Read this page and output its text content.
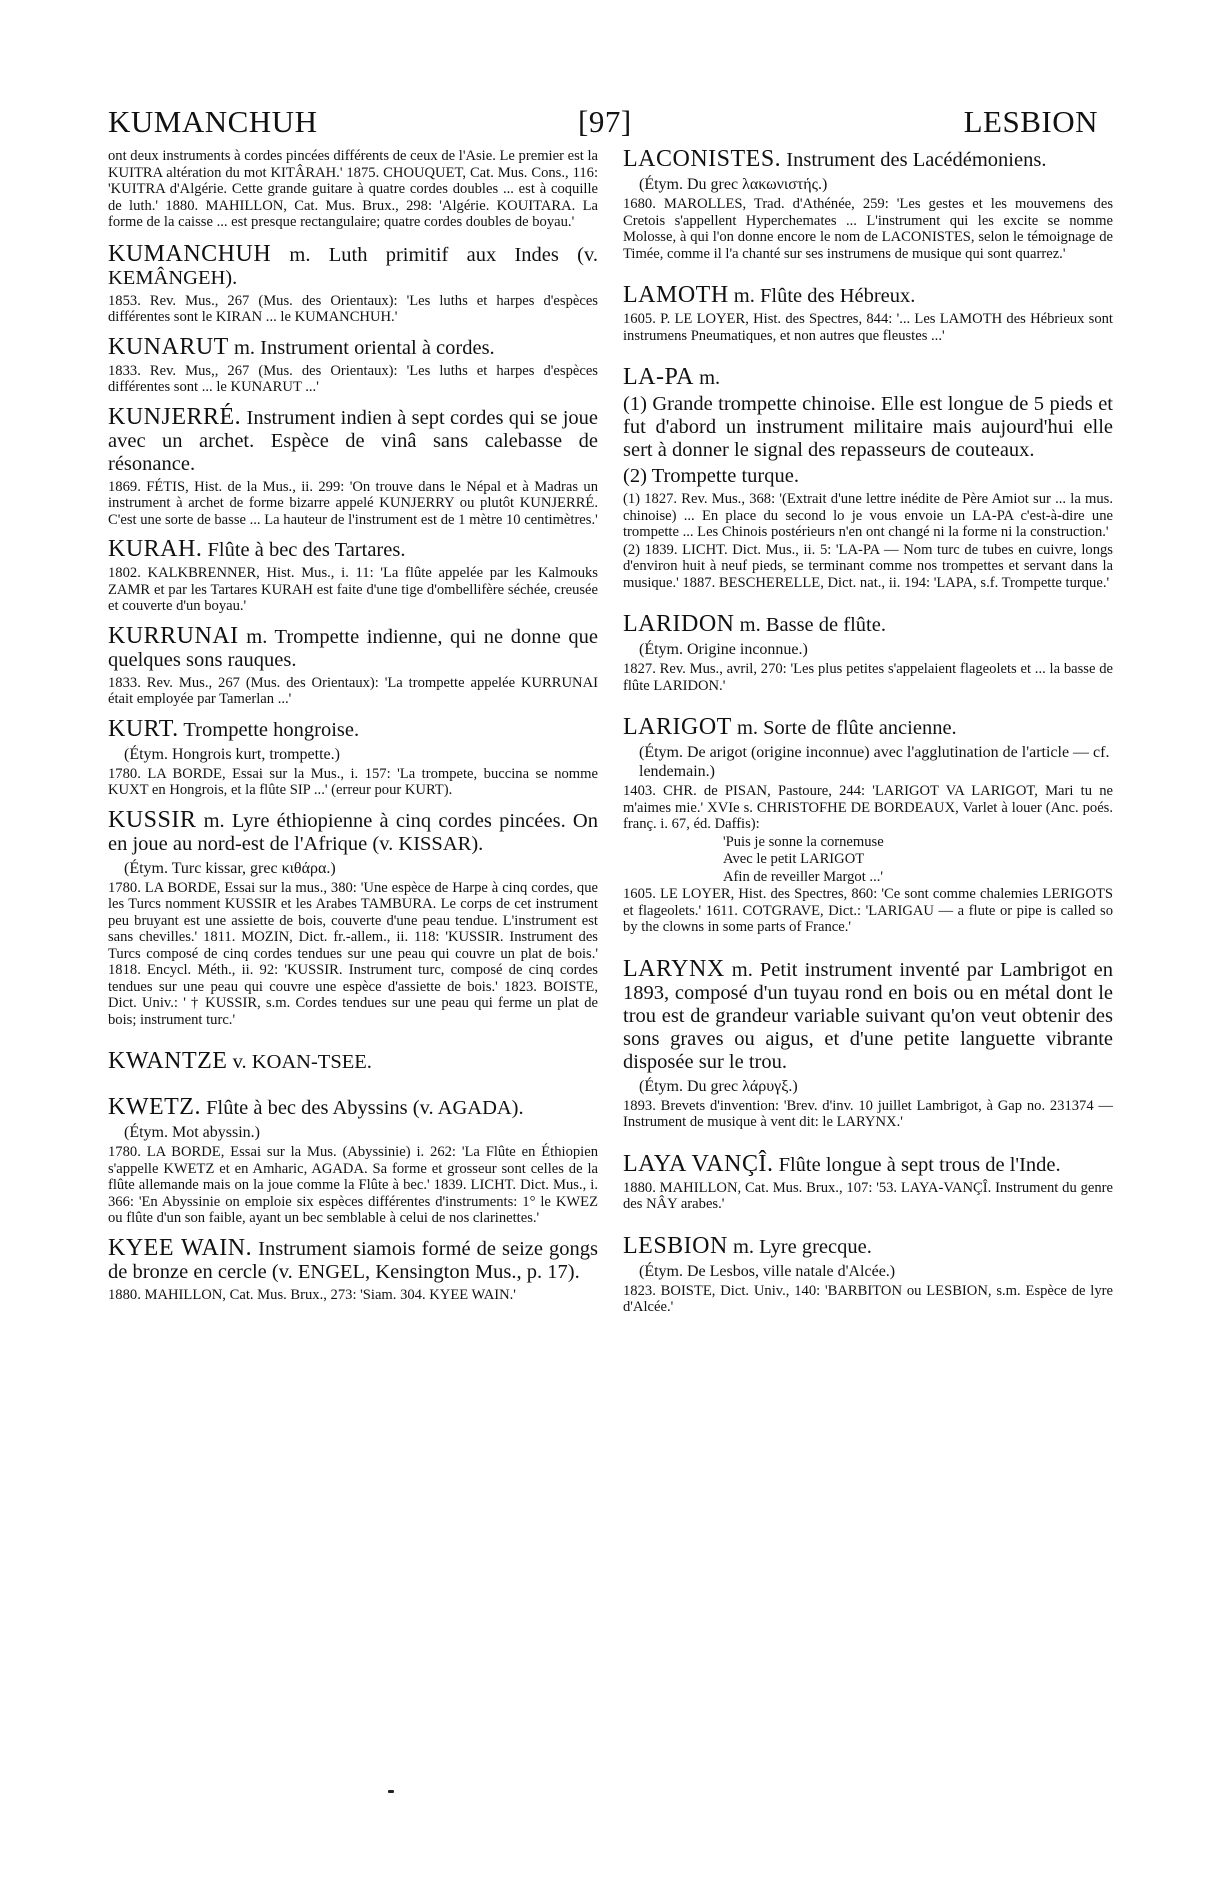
KUMANCHUH	[97]	LESBION

ont deux instruments à cordes pincées différents de ceux de l'Asie. Le premier est la KUITRA altération du mot KITÂRAH.' 1875. CHOUQUET, Cat. Mus. Cons., 116: 'KUITRA d'Algérie. Cette grande guitare à quatre cordes doubles ... est à coquille de luth.' 1880. MAHILLON, Cat. Mus. Brux., 298: 'Algérie. KOUITARA. La forme de la caisse ... est presque rectangulaire; quatre cordes doubles de boyau.'

KUMANCHUH m. Luth primitif aux Indes (v. KEMÂNGEH).

1853. Rev. Mus., 267 (Mus. des Orientaux): 'Les luths et harpes d'espèces différentes sont le KIRAN ... le KUMANCHUH.'

KUNARUT m. Instrument oriental à cordes.

1833. Rev. Mus,, 267 (Mus. des Orientaux): 'Les luths et harpes d'espèces différentes sont ... le KUNARUT ...'

KUNJERRÉ. Instrument indien à sept cordes qui se joue avec un archet. Espèce de vinâ sans calebasse de résonance.

1869. FÉTIS, Hist. de la Mus., ii. 299: 'On trouve dans le Népal et à Madras un instrument à archet de forme bizarre appelé KUNJERRY ou plutôt KUNJERRÉ. C'est une sorte de basse ... La hauteur de l'instrument est de 1 mètre 10 centimètres.'

KURAH. Flûte à bec des Tartares.

1802. KALKBRENNER, Hist. Mus., i. 11: 'La flûte appelée par les Kalmouks ZAMR et par les Tartares KURAH est faite d'une tige d'ombellifère séchée, creusée et couverte d'un boyau.'

KURRUNAI m. Trompette indienne, qui ne donne que quelques sons rauques.

1833. Rev. Mus., 267 (Mus. des Orientaux): 'La trompette appelée KURRUNAI était employée par Tamerlan ...'

KURT. Trompette hongroise.

(Étym. Hongrois kurt, trompette.)

1780. LA BORDE, Essai sur la Mus., i. 157: 'La trompete, buccina se nomme KUXT en Hongrois, et la flûte SIP ...' (erreur pour KURT).

KUSSIR m. Lyre éthiopienne à cinq cordes pincées. On en joue au nord-est de l'Afrique (v. KISSAR).

(Étym. Turc kissar, grec κιθάρα.)

1780. LA BORDE, Essai sur la mus., 380: 'Une espèce de Harpe à cinq cordes, que les Turcs nomment KUSSIR et les Arabes TAMBURA. Le corps de cet instrument peu bruyant est une assiette de bois, couverte d'une peau tendue. L'instrument est sans chevilles.' 1811. MOZIN, Dict. fr.-allem., ii. 118: 'KUSSIR. Instrument des Turcs composé de cinq cordes tendues sur une peau qui couvre un plat de bois.' 1818. Encycl. Méth., ii. 92: 'KUSSIR. Instrument turc, composé de cinq cordes tendues sur une peau qui couvre une espèce d'assiette de bois.' 1823. BOISTE, Dict. Univ.: ' † KUSSIR, s.m. Cordes tendues sur une peau qui ferme un plat de bois; instrument turc.'

KWANTZE v. KOAN-TSEE.

KWETZ. Flûte à bec des Abyssins (v. AGADA).

(Étym. Mot abyssin.)

1780. LA BORDE, Essai sur la Mus. (Abyssinie) i. 262: 'La Flûte en Éthiopien s'appelle KWETZ et en Amharic, AGADA. Sa forme et grosseur sont celles de la flûte allemande mais on la joue comme la Flûte à bec.' 1839. LICHT. Dict. Mus., i. 366: 'En Abyssinie on emploie six espèces différentes d'instruments: 1° le KWEZ ou flûte d'un son faible, ayant un bec semblable à celui de nos clarinettes.'

KYEE WAIN. Instrument siamois formé de seize gongs de bronze en cercle (v. ENGEL, Kensington Mus., p. 17).

1880. MAHILLON, Cat. Mus. Brux., 273: 'Siam. 304. KYEE WAIN.'

LACONISTES. Instrument des Lacédémoniens.

(Étym. Du grec λακωνιστής.)

1680. MAROLLES, Trad. d'Athénée, 259: 'Les gestes et les mouvemens des Cretois s'appellent Hyperchemates ... L'instrument qui les excite se nomme Molosse, à qui l'on donne encore le nom de LACONISTES, selon le témoignage de Timée, comme il l'a chanté sur ses instrumens de musique qui sont quarrez.'

LAMOTH m. Flûte des Hébreux.

1605. P. LE LOYER, Hist. des Spectres, 844: '... Les LAMOTH des Hébrieux sont instrumens Pneumatiques, et non autres que fleustes ...'

LA-PA m.

(1) Grande trompette chinoise. Elle est longue de 5 pieds et fut d'abord un instrument militaire mais aujourd'hui elle sert à donner le signal des repasseurs de couteaux.

(2) Trompette turque.

(1) 1827. Rev. Mus., 368: '(Extrait d'une lettre inédite de Père Amiot sur ... la mus. chinoise) ... En place du second lo je vous envoie un LA-PA c'est-à-dire une trompette ... Les Chinois postérieurs n'en ont changé ni la forme ni la construction.'

(2) 1839. LICHT. Dict. Mus., ii. 5: 'LA-PA — Nom turc de tubes en cuivre, longs d'environ huit à neuf pieds, se terminant comme nos trompettes et servant dans la musique.' 1887. BESCHERELLE, Dict. nat., ii. 194: 'LAPA, s.f. Trompette turque.'

LARIDON m. Basse de flûte.

(Étym. Origine inconnue.)

1827. Rev. Mus., avril, 270: 'Les plus petites s'appelaient flageolets et ... la basse de flûte LARIDON.'

LARIGOT m. Sorte de flûte ancienne.

(Étym. De arigot (origine inconnue) avec l'agglutination de l'article — cf. lendemain.)

1403. CHR. de PISAN, Pastoure, 244: 'LARIGOT VA LARIGOT, Mari tu ne m'aimes mie.' XVIe s. CHRISTOFHE DE BORDEAUX, Varlet à louer (Anc. poés. franç. i. 67, éd. Daffis):

'Puis je sonne la cornemuse

Avec le petit LARIGOT

Afin de reveiller Margot ...'

1605. LE LOYER, Hist. des Spectres, 860: 'Ce sont comme chalemies LERIGOTS et flageolets.' 1611. COTGRAVE, Dict.: 'LARIGAU — a flute or pipe is called so by the clowns in some parts of France.'

LARYNX m. Petit instrument inventé par Lambrigot en 1893, composé d'un tuyau rond en bois ou en métal dont le trou est de grandeur variable suivant qu'on veut obtenir des sons graves ou aigus, et d'une petite languette vibrante disposée sur le trou.

(Étym. Du grec λάρυγξ.)

1893. Brevets d'invention: 'Brev. d'inv. 10 juillet Lambrigot, à Gap no. 231374 — Instrument de musique à vent dit: le LARYNX.'

LAYA VANÇÎ. Flûte longue à sept trous de l'Inde.

1880. MAHILLON, Cat. Mus. Brux., 107: '53. LAYA-VANÇÎ. Instrument du genre des NÂY arabes.'

LESBION m. Lyre grecque.

(Étym. De Lesbos, ville natale d'Alcée.)

1823. BOISTE, Dict. Univ., 140: 'BARBITON ou LESBION, s.m. Espèce de lyre d'Alcée.'
